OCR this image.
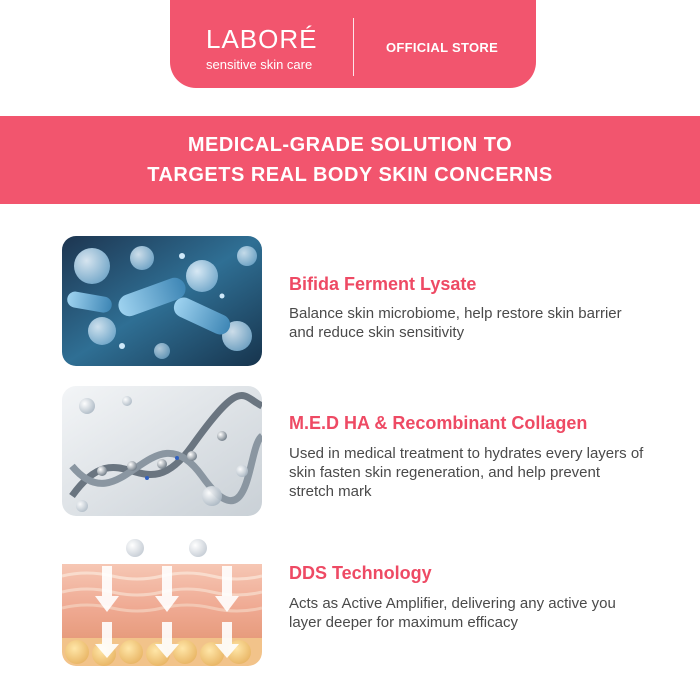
LABORÉ
sensitive skin care
OFFICIAL STORE
MEDICAL-GRADE SOLUTION TO
TARGETS REAL BODY SKIN CONCERNS
Bifida Ferment Lysate
Balance skin microbiome, help restore skin barrier and reduce skin sensitivity
M.E.D HA & Recombinant Collagen
Used in medical treatment to hydrates every layers of skin fasten skin regeneration, and help prevent stretch mark
DDS Technology
Acts as Active Amplifier, delivering any active you layer deeper for maximum efficacy
